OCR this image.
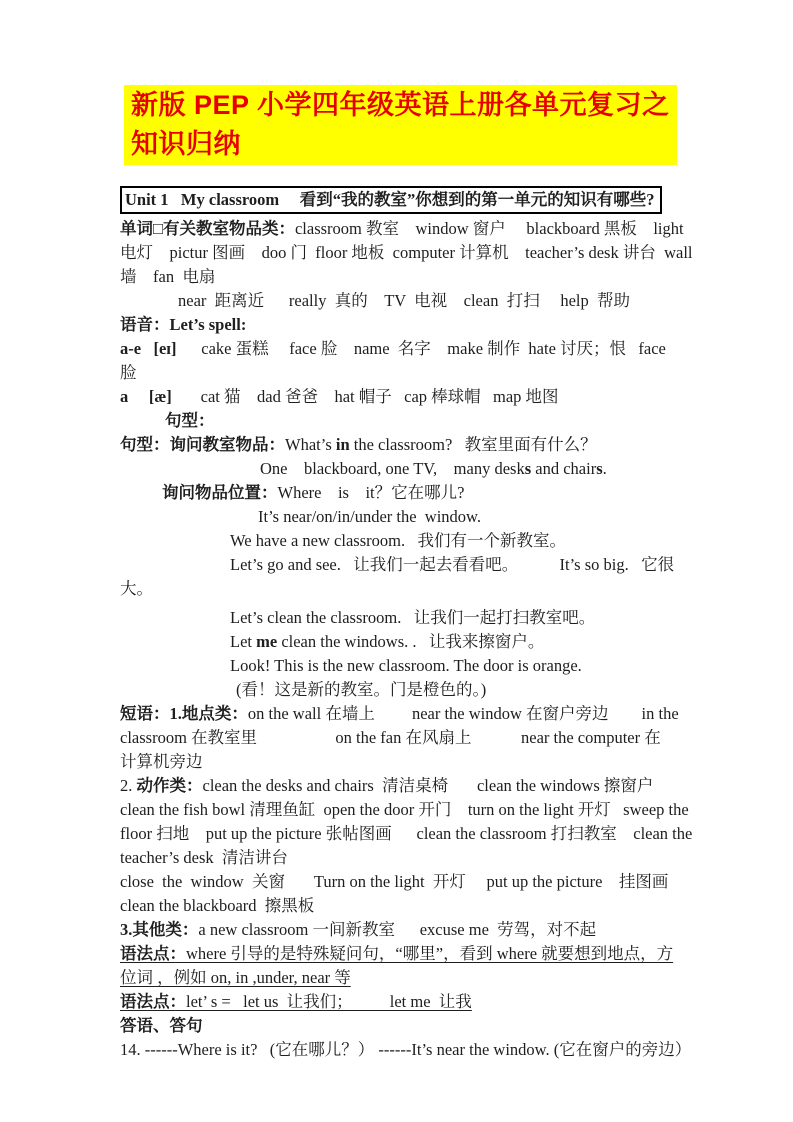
新版 PEP 小学四年级英语上册各单元复习之知识归纳
Unit 1   My classroom     看到“我的教室”你想到的第一单元的知识有哪些?
单词□有关教室物品类：classroom 教室    window 窗户     blackboard 黑板    light
电灯    pictur 图画    doo 门  floor 地板  computer 计算机    teacher’s desk 讲台  wall
墙    fan  电扇
near  距离近      really  真的    TV  电视    clean  打扫     help  帮助
语音：Let’s spell:
a-e   [eɪ]      cake 蛋糕     face 脸    name  名字    make 制作  hate 讨厌；恨   face
脸
a     [æ]       cat 猫    dad 爸爸    hat 帽子   cap 棒球帽   map 地图
句型：
句型：询问教室物品：What’s in the classroom?   教室里面有什么？
One    blackboard, one TV,    many desks and chairs.
询问物品位置：Where    is    it？它在哪儿?
It’s near/on/in/under the  window.
We have a new classroom.   我们有一个新教室。
Let’s go and see.   让我们一起去看看吧。          It’s so big.   它很
大。
Let’s clean the classroom.   让我们一起打扫教室吧。
Let me clean the windows. .   让我来擦窗户。
Look! This is the new classroom. The door is orange.
(看！这是新的教室。门是橙色的。)
短语：1.地点类：on the wall 在墙上         near the window 在窗户旁边        in the
classroom 在教室里                   on the fan 在风扇上            near the computer 在
计算机旁边
2. 动作类：clean the desks and chairs  清洁桌椅       clean the windows 擦窗户
clean the fish bowl 清理鱼缸  open the door 开门    turn on the light 开灯   sweep the
floor 扫地    put up the picture 张帖图画      clean the classroom 打扫教室    clean the
teacher’s desk  清洁讲台
close  the  window  关窗       Turn on the light  开灯     put up the picture    挂图画
clean the blackboard  擦黑板
3.其他类：a new classroom 一间新教室      excuse me  劳驾，对不起
语法点：where 引导的是特殊疑问句，“哪里”，看到 where 就要想到地点，方
位词 ，例如 on, in ,under, near 等
语法点：let’ s =   let us  让我们；         let me  让我
答语、答句
14. ------Where is it?   (它在哪儿？） ------It’s near the window. (它在窗户的旁边）
